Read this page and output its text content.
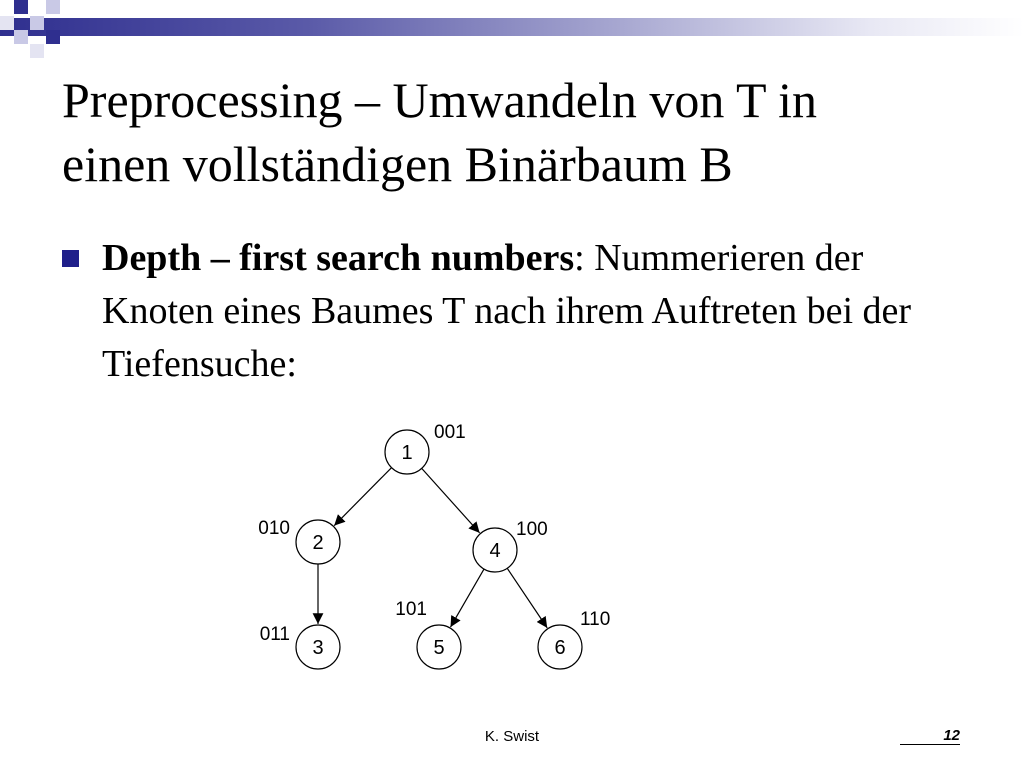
Preprocessing – Umwandeln von T in
einen vollständigen Binärbaum B
Depth – first search numbers: Nummerieren der Knoten eines Baumes T nach ihrem Auftreten bei der Tiefensuche:
1
001
2
010
3
011
4
100
5
101
6
110
K. Swist	12
